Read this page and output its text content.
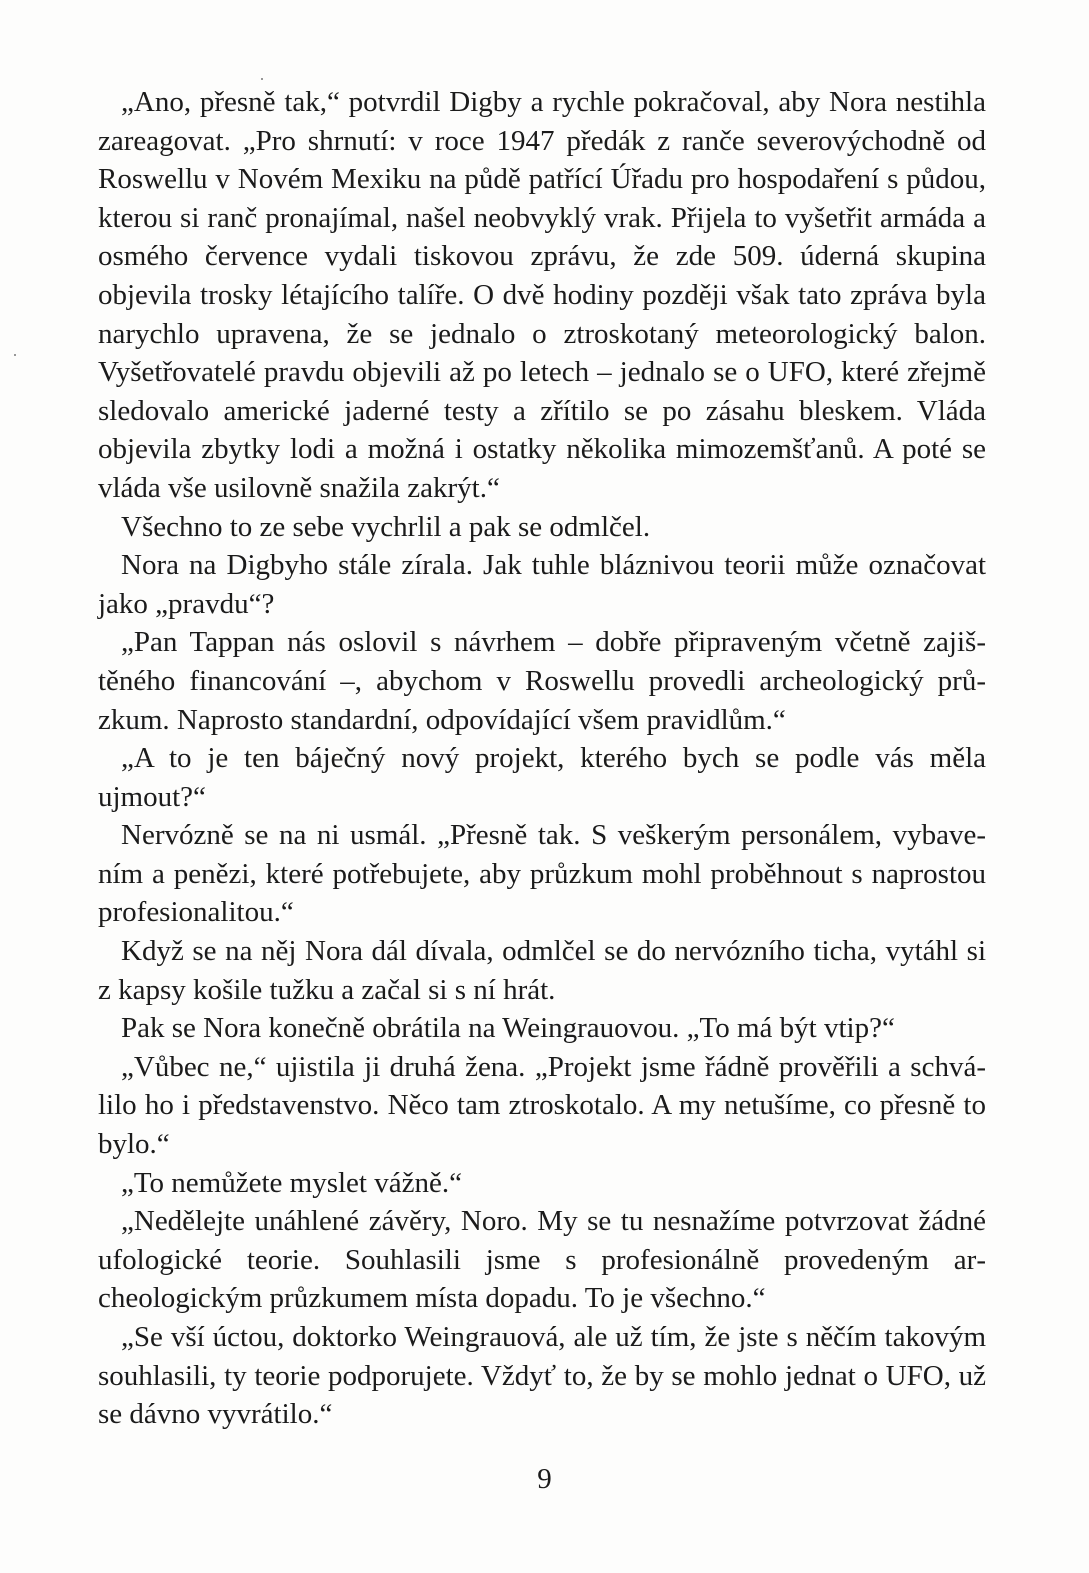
„Ano, přesně tak,“ potvrdil Digby a rychle pokračoval, aby Nora nestihla zareagovat. „Pro shrnutí: v roce 1947 předák z ranče severovýchodně od Roswellu v Novém Mexiku na půdě patřící Úřadu pro hospodaření s půdou, kterou si ranč pronajímal, našel neobvyklý vrak. Přijela to vyšetřit armáda a osmého července vydali tiskovou zprávu, že zde 509. úderná skupina objevila trosky létajícího talíře. O dvě hodiny později však tato zpráva byla narychlo upravena, že se jednalo o ztroskotaný meteorologický balon. Vyšetřovatelé pravdu objevili až po letech – jednalo se o UFO, které zřejmě sledovalo americké jaderné testy a zřítilo se po zásahu bleskem. Vláda objevila zbytky lodi a možná i ostatky několika mimozemšťanů. A poté se vláda vše usilovně snažila zakrýt.“

Všechno to ze sebe vychrlil a pak se odmlčel.

Nora na Digbyho stále zírala. Jak tuhle bláznivou teorii může označovat jako „pravdu“?

„Pan Tappan nás oslovil s návrhem – dobře připraveným včetně zajištěného financování –, abychom v Roswellu provedli archeologický průzkum. Naprosto standardní, odpovídající všem pravidlům.“

„A to je ten báječný nový projekt, kterého bych se podle vás měla ujmout?“

Nervózně se na ni usmál. „Přesně tak. S veškerým personálem, vybavením a penězi, které potřebujete, aby průzkum mohl proběhnout s naprostou profesionalitou.“

Když se na něj Nora dál dívala, odmlčel se do nervózního ticha, vytáhl si z kapsy košile tužku a začal si s ní hrát.

Pak se Nora konečně obrátila na Weingrauovou. „To má být vtip?“

„Vůbec ne,“ ujistila ji druhá žena. „Projekt jsme řádně prověřili a schválilo ho i představenstvo. Něco tam ztroskotalo. A my netušíme, co přesně to bylo.“

„To nemůžete myslet vážně.“

„Nedělejte unáhlené závěry, Noro. My se tu nesnažíme potvrzovat žádné ufologické teorie. Souhlasili jsme s profesionálně provedeným archeologickým průzkumem místa dopadu. To je všechno.“

„Se vší úctou, doktorko Weingrauová, ale už tím, že jste s něčím takovým souhlasili, ty teorie podporujete. Vždyť to, že by se mohlo jednat o UFO, už se dávno vyvrátilo.“

9
